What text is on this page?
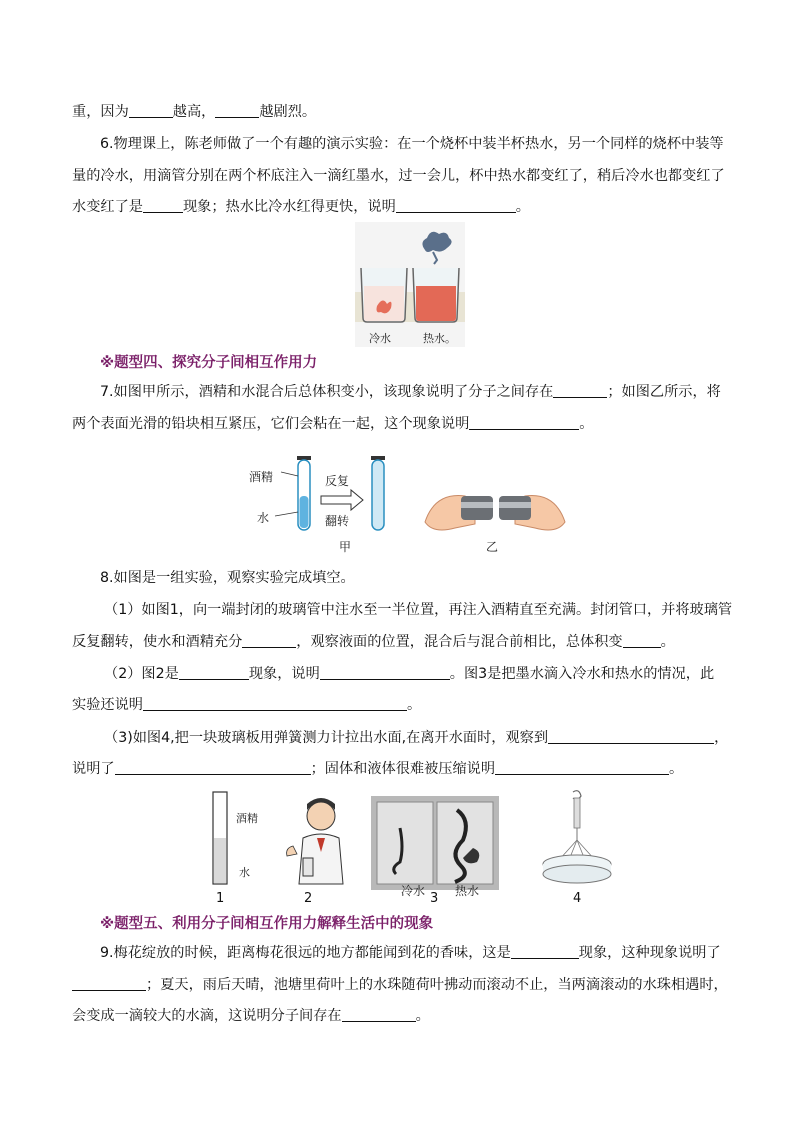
重，因为	越高，	越剧烈。
6.物理课上，陈老师做了一个有趣的演示实验：在一个烧杯中装半杯热水，另一个同样的烧杯中装等
量的冷水，用滴管分别在两个杯底注入一滴红墨水，过一会儿，杯中热水都变红了，稍后冷水也都变红了
水变红了是	现象；热水比冷水红得更快，说明	。
冷水	热水。
※题型四、探究分子间相互作用力
7.如图甲所示，酒精和水混合后总体积变小，该现象说明了分子之间存在	；如图乙所示，将
两个表面光滑的铅块相互紧压，它们会粘在一起，这个现象说明	。
酒精
水
反复
翻转
甲	乙
8.如图是一组实验，观察实验完成填空。
（1）如图1，向一端封闭的玻璃管中注水至一半位置，再注入酒精直至充满。封闭管口，并将玻璃管
反复翻转，使水和酒精充分	，观察液面的位置，混合后与混合前相比，总体积变	。
（2）图2是	现象，说明	。图3是把墨水滴入冷水和热水的情况，此
实验还说明	。
（3)如图4,把一块玻璃板用弹簧测力计拉出水面,在离开水面时，观察到	，
说明了	；固体和液体很难被压缩说明	。
酒精
水
冷水 热水
1	2	3	4
※题型五、利用分子间相互作用力解释生活中的现象
9.梅花绽放的时候，距离梅花很远的地方都能闻到花的香味，这是	现象，这种现象说明了
；夏天，雨后天晴，池塘里荷叶上的水珠随荷叶拂动而滚动不止，当两滴滚动的水珠相遇时，
会变成一滴较大的水滴，这说明分子间存在	。
